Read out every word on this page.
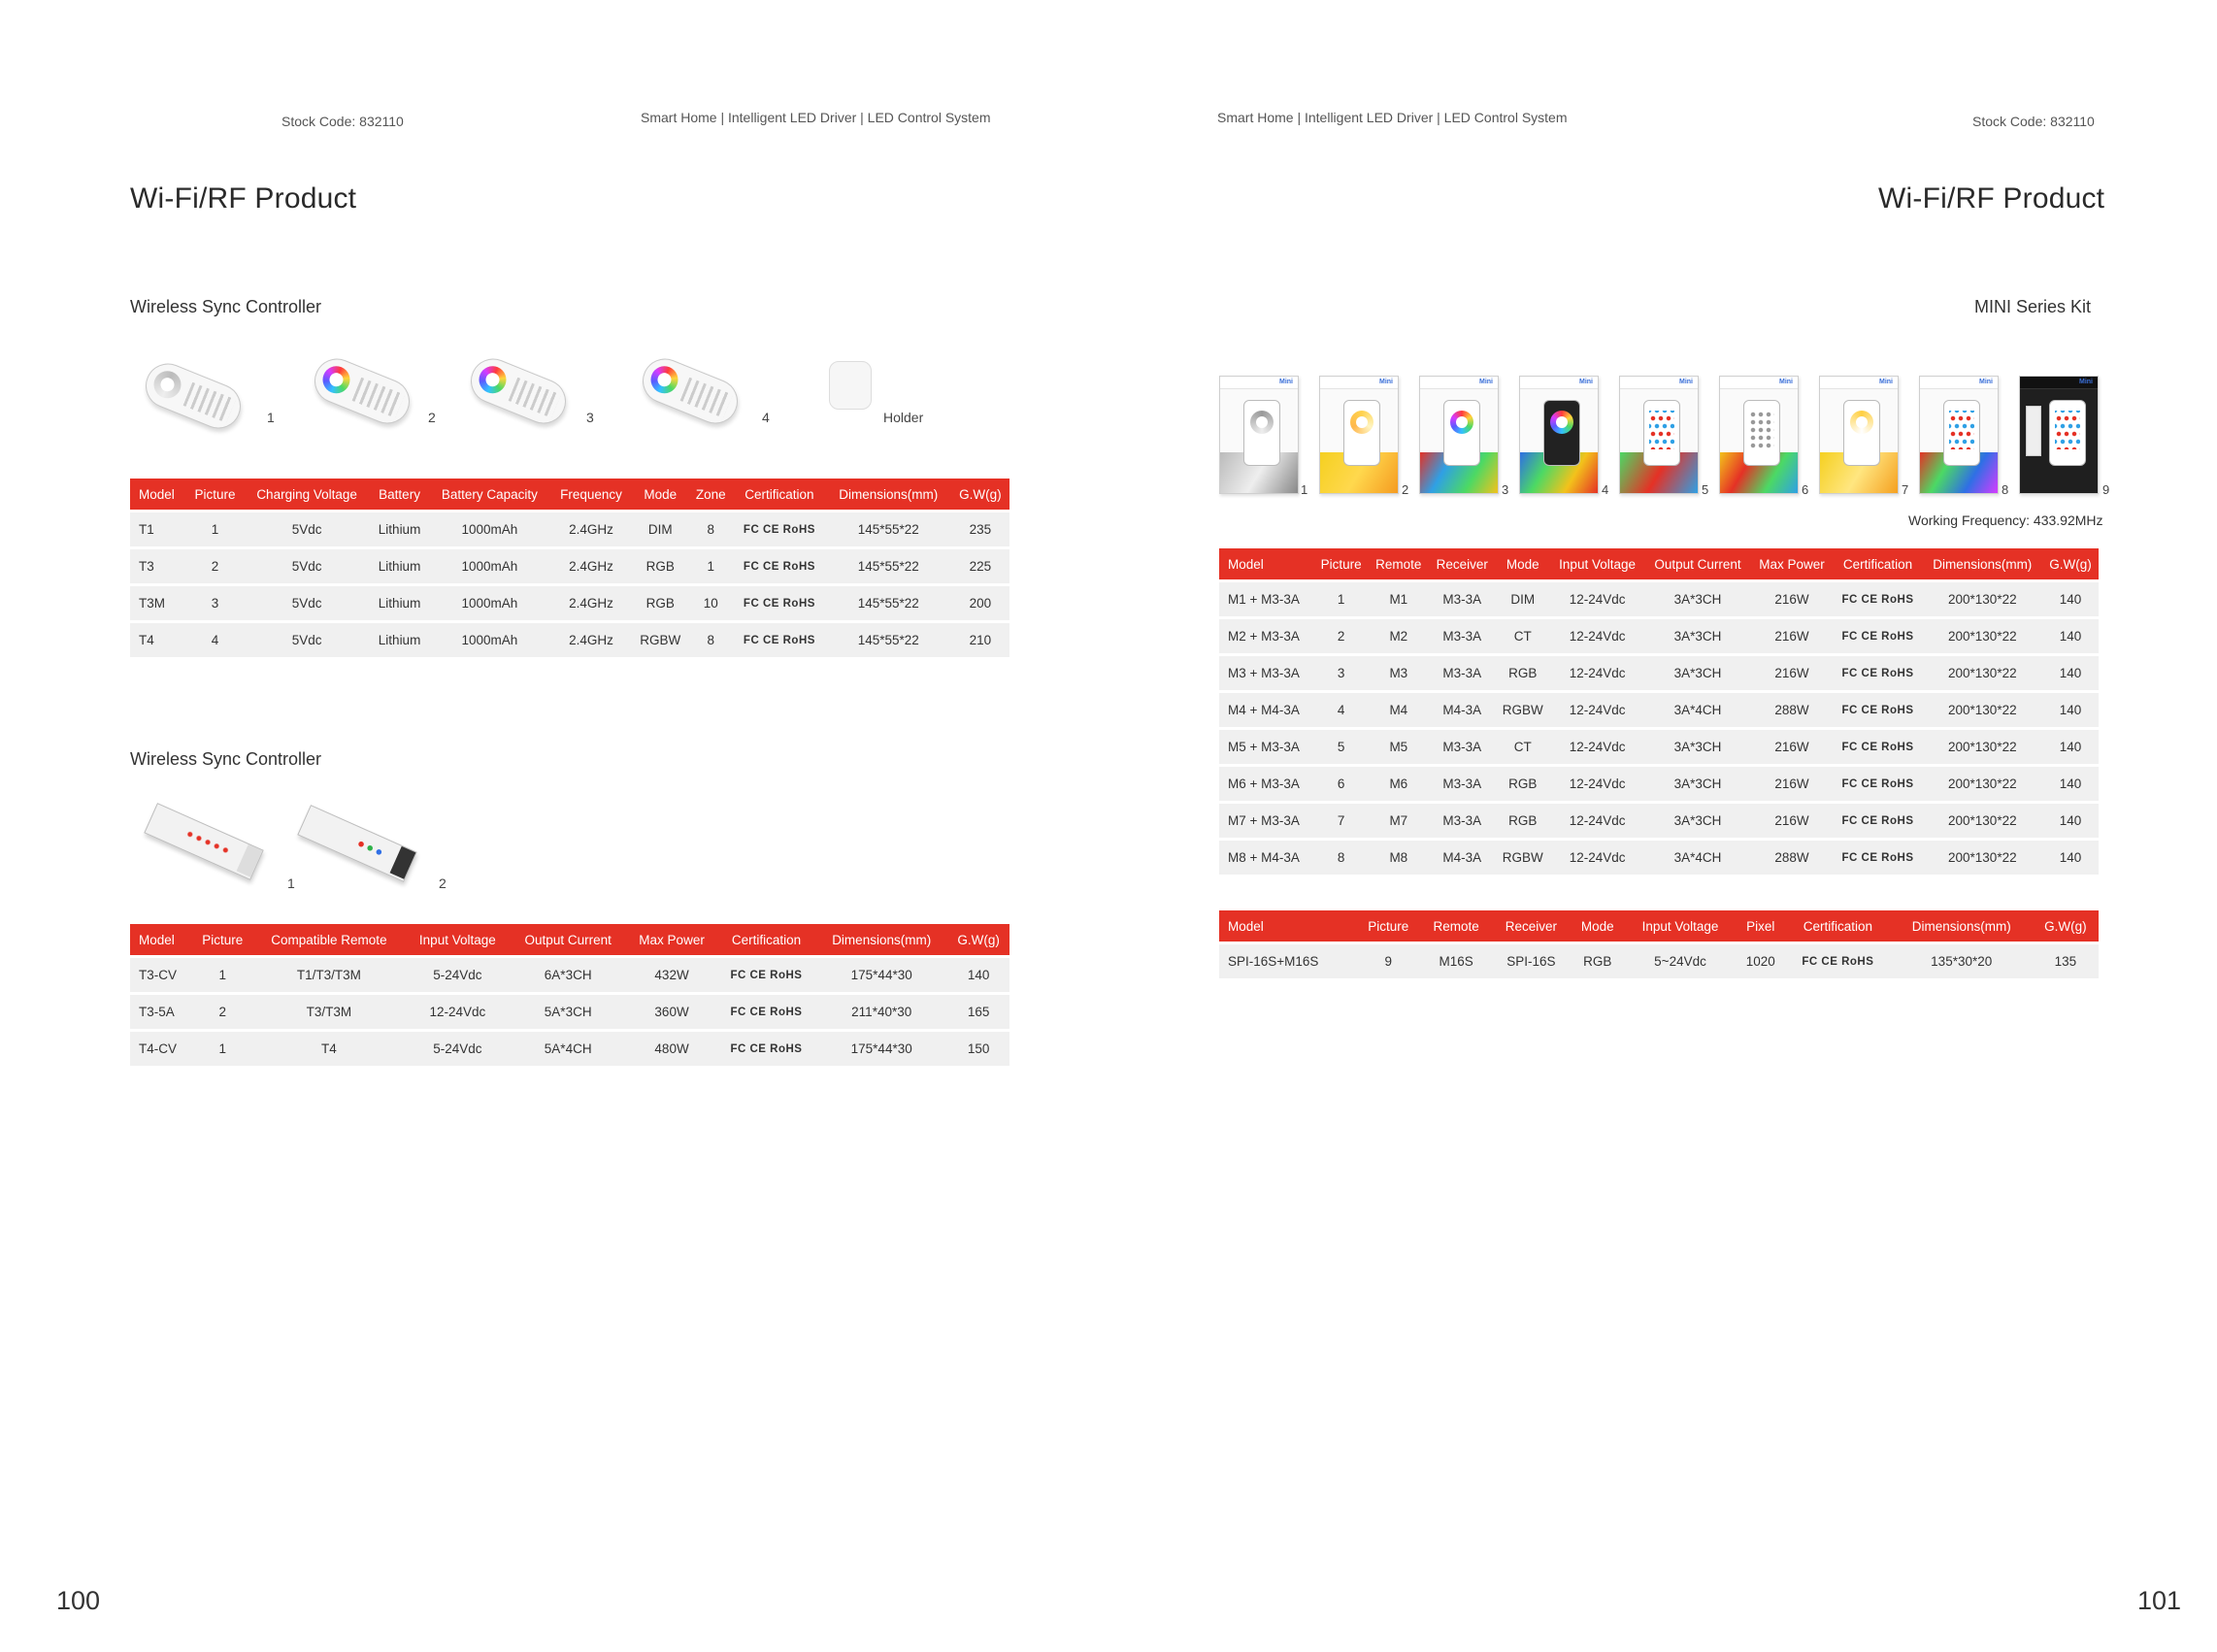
Stock Code: 832110	Smart Home | Intelligent LED Driver | LED Control System
Wi-Fi/RF Product
Wireless Sync Controller
1	2	3	4	Holder
Model	Picture	Charging Voltage	Battery	Battery Capacity	Frequency	Mode	Zone	Certification	Dimensions(mm)	G.W(g)
T1	1	5Vdc	Lithium	1000mAh	2.4GHz	DIM	8	FC CE RoHS	145*55*22	235
T3	2	5Vdc	Lithium	1000mAh	2.4GHz	RGB	1	FC CE RoHS	145*55*22	225
T3M	3	5Vdc	Lithium	1000mAh	2.4GHz	RGB	10	FC CE RoHS	145*55*22	200
T4	4	5Vdc	Lithium	1000mAh	2.4GHz	RGBW	8	FC CE RoHS	145*55*22	210
Wireless Sync Controller
1	2
Model	Picture	Compatible Remote	Input Voltage	Output Current	Max Power	Certification	Dimensions(mm)	G.W(g)
T3-CV	1	T1/T3/T3M	5-24Vdc	6A*3CH	432W	FC CE RoHS	175*44*30	140
T3-5A	2	T3/T3M	12-24Vdc	5A*3CH	360W	FC CE RoHS	211*40*30	165
T4-CV	1	T4	5-24Vdc	5A*4CH	480W	FC CE RoHS	175*44*30	150
100
Smart Home | Intelligent LED Driver | LED Control System	Stock Code: 832110
Wi-Fi/RF Product
MINI Series Kit
Mini
1
Mini
2
Mini
3
Mini
4
Mini
5
Mini
6
Mini
7
Mini
8
Mini
9
Working Frequency: 433.92MHz
Model	Picture	Remote	Receiver	Mode	Input Voltage	Output Current	Max Power	Certification	Dimensions(mm)	G.W(g)
M1 + M3-3A	1	M1	M3-3A	DIM	12-24Vdc	3A*3CH	216W	FC CE RoHS	200*130*22	140
M2 + M3-3A	2	M2	M3-3A	CT	12-24Vdc	3A*3CH	216W	FC CE RoHS	200*130*22	140
M3 + M3-3A	3	M3	M3-3A	RGB	12-24Vdc	3A*3CH	216W	FC CE RoHS	200*130*22	140
M4 + M4-3A	4	M4	M4-3A	RGBW	12-24Vdc	3A*4CH	288W	FC CE RoHS	200*130*22	140
M5 + M3-3A	5	M5	M3-3A	CT	12-24Vdc	3A*3CH	216W	FC CE RoHS	200*130*22	140
M6 + M3-3A	6	M6	M3-3A	RGB	12-24Vdc	3A*3CH	216W	FC CE RoHS	200*130*22	140
M7 + M3-3A	7	M7	M3-3A	RGB	12-24Vdc	3A*3CH	216W	FC CE RoHS	200*130*22	140
M8 + M4-3A	8	M8	M4-3A	RGBW	12-24Vdc	3A*4CH	288W	FC CE RoHS	200*130*22	140
Model	Picture	Remote	Receiver	Mode	Input Voltage	Pixel	Certification	Dimensions(mm)	G.W(g)
SPI-16S+M16S	9	M16S	SPI-16S	RGB	5~24Vdc	1020	FC CE RoHS	135*30*20	135
101
